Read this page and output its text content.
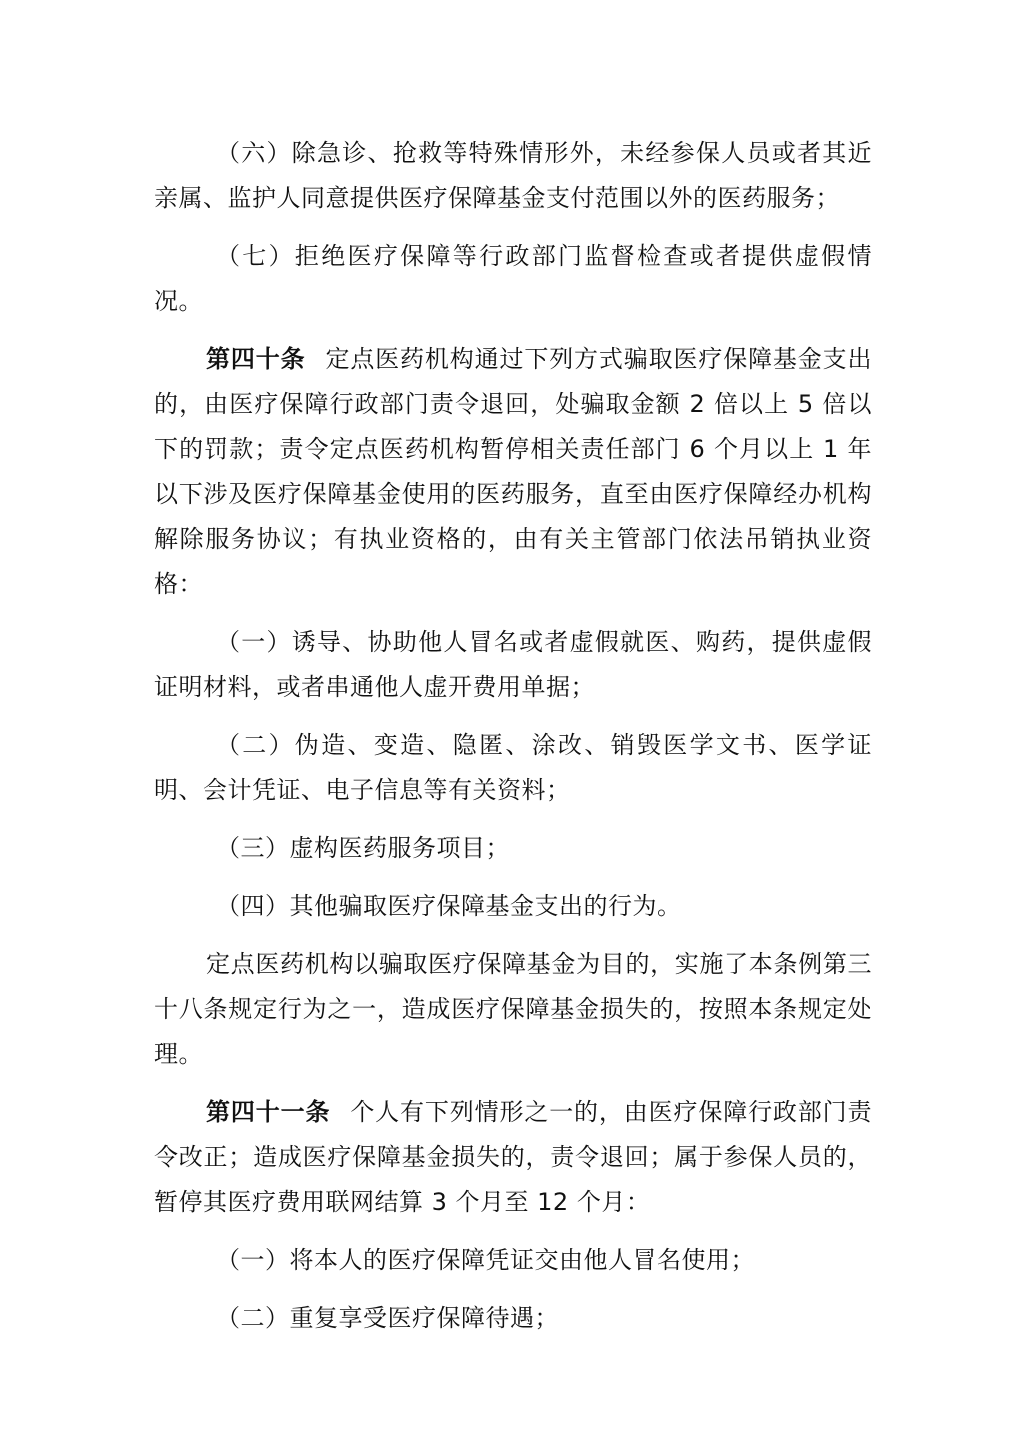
（六）除急诊、抢救等特殊情形外，未经参保人员或者其近亲属、监护人同意提供医疗保障基金支付范围以外的医药服务；

（七）拒绝医疗保障等行政部门监督检查或者提供虚假情况。

第四十条 定点医药机构通过下列方式骗取医疗保障基金支出的，由医疗保障行政部门责令退回，处骗取金额 2 倍以上 5 倍以下的罚款；责令定点医药机构暂停相关责任部门 6 个月以上 1 年以下涉及医疗保障基金使用的医药服务，直至由医疗保障经办机构解除服务协议；有执业资格的，由有关主管部门依法吊销执业资格：

（一）诱导、协助他人冒名或者虚假就医、购药，提供虚假证明材料，或者串通他人虚开费用单据；

（二）伪造、变造、隐匿、涂改、销毁医学文书、医学证明、会计凭证、电子信息等有关资料；

（三）虚构医药服务项目；

（四）其他骗取医疗保障基金支出的行为。

定点医药机构以骗取医疗保障基金为目的，实施了本条例第三十八条规定行为之一，造成医疗保障基金损失的，按照本条规定处理。

第四十一条 个人有下列情形之一的，由医疗保障行政部门责令改正；造成医疗保障基金损失的，责令退回；属于参保人员的，暂停其医疗费用联网结算 3 个月至 12 个月：

（一）将本人的医疗保障凭证交由他人冒名使用；

（二）重复享受医疗保障待遇；
